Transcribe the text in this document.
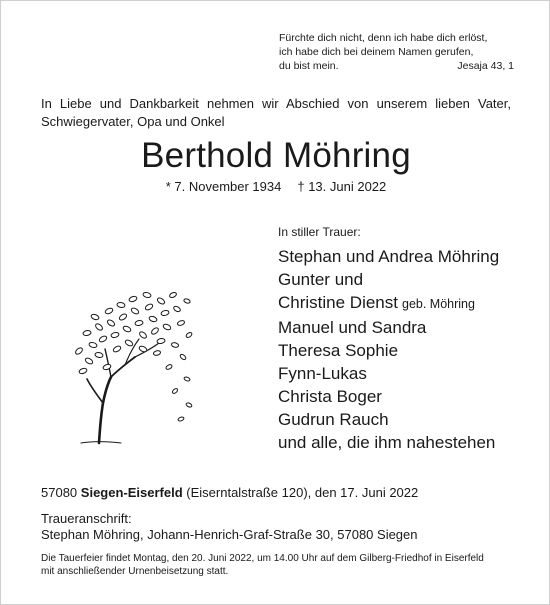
Fürchte dich nicht, denn ich habe dich erlöst,
ich habe dich bei deinem Namen gerufen,
du bist mein.	Jesaja 43, 1
In Liebe und Dankbarkeit nehmen wir Abschied von unserem lieben Vater,
Schwiegervater, Opa und Onkel
Berthold Möhring
* 7. November 1934 † 13. Juni 2022
In stiller Trauer:
Stephan und Andrea Möhring
Gunter und
Christine Dienst geb. Möhring
Manuel und Sandra
Theresa Sophie
Fynn-Lukas
Christa Boger
Gudrun Rauch
und alle, die ihm nahestehen
57080 Siegen-Eiserfeld (Eiserntalstraße 120), den 17. Juni 2022
Traueranschrift:
Stephan Möhring, Johann-Henrich-Graf-Straße 30, 57080 Siegen
Die Tauerfeier findet Montag, den 20. Juni 2022, um 14.00 Uhr auf dem Gilberg-Friedhof in Eiserfeld
mit anschließender Urnenbeisetzung statt.
